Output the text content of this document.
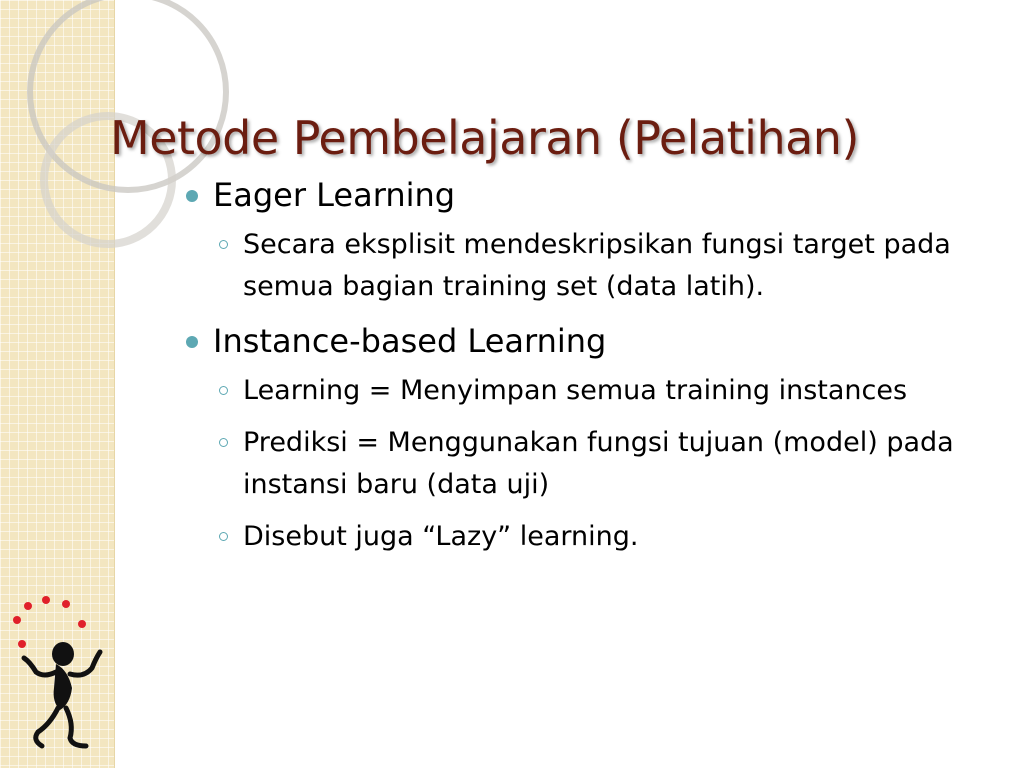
Metode Pembelajaran (Pelatihan)
Eager Learning
Secara eksplisit mendeskripsikan fungsi target pada semua bagian training set (data latih).
Instance-based Learning
Learning = Menyimpan semua training instances
Prediksi = Menggunakan fungsi tujuan (model) pada instansi baru (data uji)
Disebut juga “Lazy” learning.
